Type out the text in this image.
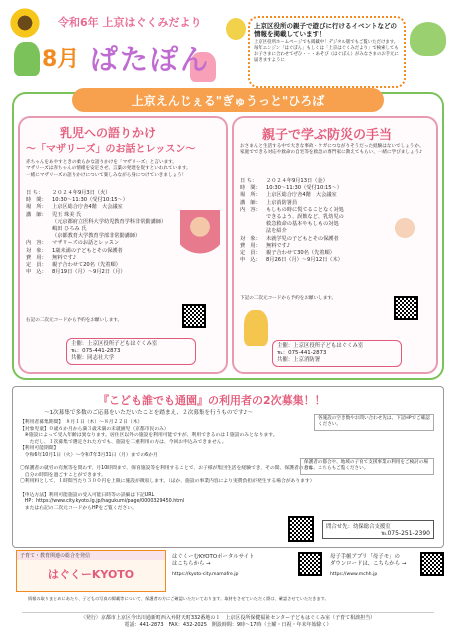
令和6年 上京はぐくみだより
8月 ぱたぽん
上京区役所の親子で遊びに行けるイベントなどの情報を掲載しています！
上京区役所ホームページでも掲載中！デジタル版でもご覧いただけます。毎年エンジン「はぐぽん」もしくは「上京はぐくみだより」で検索してもお子さまに合わせてぜひ・・・あそび（はぐぽん）がみなさまのお手元に届きますように
上京えんじぇる"ぎゅうっと"ひろば
乳児への語りかけ
～「マザリーズ」のお話とレッスン～
赤ちゃんをあやすときの柔らかな語りかけを「マザリーズ」と言います。
マザリーズは赤ちゃんの情緒を安定させ、言葉の発達を促すといわれています。
一緒にマザリーズの語りかけについて楽しみながら身につけていきましょう！
日 ち：	２０２４年9月3日（火）
時　間：	10:30～11:30（受付10:15～）
場　所：	上京区総合庁舎4階　大会議室
講　師：	児玉 珠美 氏
（元京都府立医科大学幼児教育学科非常勤講師）
嶋田 ひろみ 氏
（京都教育大学教育学部非常勤講師）
内　容：	マザリーズのお話とレッスン
対　象：	1歳未満の子どもとその保護者
費　用：	無料です♪
定　員：	親子合わせて20名（先着順）
申　込：	8月19日（月）～9月2日（月）
右記の二次元コードから予約をお願いします。
主催：上京区役所子どもはぐくみ室
℡：075-441-2873
共催：同志社大学
親子で学ぶ防災の手当
おさまんと生活する中で大きな事故・ケガにつながりそうだった経験はないでしょうか。
家庭でできる対応や救命の自宅等を救急の専門家に教えてもらい、一緒に学びましょう♪
日 ち：	２０２４年9月13日（金）
時　間：	10:30～11:30（受付10:15～）
場　所：	上京区総合庁舎4階　大会議室
講　師：	上京消防署員
内　容：	もしもの時に慌てることなく対処
できるよう、誤飲など、乳幼児の
救急救命の基本やもしもの対処
法を紹介
対　象：	未就学児の子どもとその保護者
費　用：	無料です♪
定　員：	親子合わせて30名（先着順）
申　込：	8月26日（月）～9月12日（木）
下記の二次元コードから予約をお願いします。
主催：上京区役所子どもはぐくみ室
℡：075-441-2873
共催：上京消防署
『こども誰でも通園』の利用者の2次募集！！
～1次募集で多数のご応募をいただいたことを踏まえ、２次募集を行うものです♪～
各施設の空き数やお問い合わせ先は、下記HPでご確認ください。
【利用者募集期間】　８月１日（木）～８月２２日（木）
【対象児童】０歳６か月から満３歳未満の未就園児（京都市民のみ）
　※施設によって受入年齢は異なります。居住区以外の施設を利用可能ですが、利用できるのは１施設のみとなります。
　　ただし、１次募集で選定された方でも、施設を二重利用の方は、今回お申込みできません。
【利用可能期間】
　令和6年10月1日（火）～令和7年3月31日（月）までの6か月

〇保護者の就労の有無等を問わず、月10時間まで、保育施設等を利用することで、お子様が集団生活を経験でき、その間、保護者の方も
　自分の時間を過ごすことができます。
〇利用料として、１時間当たり３００円を上限に施設が徴収します。（ほか、施設の事業内容により実費負担が発生する場合があります）

【申込方法】利用可能施設の受入可能日時等の詳細は下記URL
　HP：https://www.city.kyoto.lg.jp/hagukumi/page/0000329450.html
　または右記の二次元コードからHPをご覧ください。
保護者の都合や、地域の子育て支援事業の利用をご検討の場合は、こちらもご覧ください。
問合せ先：幼保総合支援室
℡075-251-2390
子育て・教育関連の総合を発信
はぐくーKYOTO
はぐくーむKYOTOポータルサイト
はこちらから →
https://kyoto-city.mamafre.jp
母子手帳アプリ「母子モ」の
ダウンロードは、こちらから →
https://www.mchh.jp
情報の取りまとめにあたり、子どもの写真の掲載等について、保護者の方にご確認いただいております。取材をさせていただく際は、確認させていただきます。
〈発行〉京都市上京区今出川通新町西入弁財天町332番地の１　上京区役所保健福祉センター子どもはぐくみ室（子育て相談担当）
電話：441-2873　FAX：432-2025　開設時間：9時～17時（土曜・日祝・年末年始除く）
